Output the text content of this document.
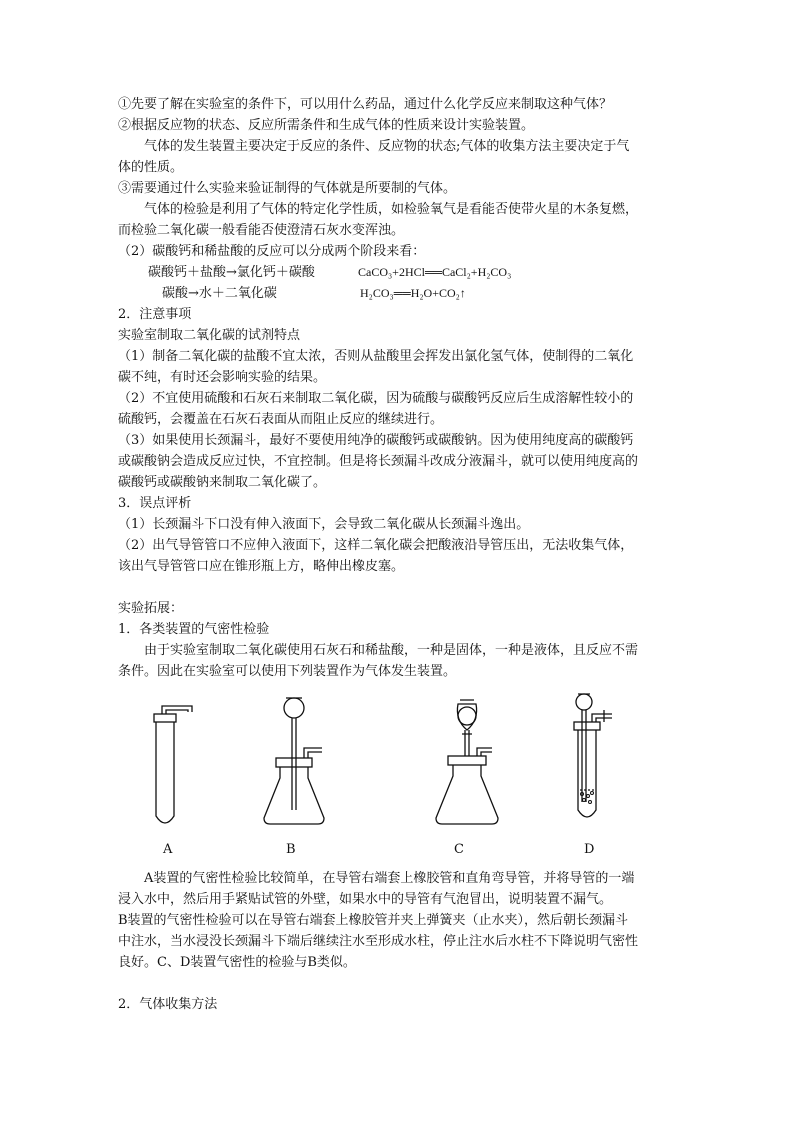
①先要了解在实验室的条件下，可以用什么药品，通过什么化学反应来制取这种气体？

②根据反应物的状态、反应所需条件和生成气体的性质来设计实验装置。

气体的发生装置主要决定于反应的条件、反应物的状态;气体的收集方法主要决定于气

体的性质。

③需要通过什么实验来验证制得的气体就是所要制的气体。

气体的检验是利用了气体的特定化学性质，如检验氧气是看能否使带火星的木条复燃，

而检验二氧化碳一般看能否使澄清石灰水变浑浊。

（2）碳酸钙和稀盐酸的反应可以分成两个阶段来看：

碳酸钙＋盐酸→氯化钙＋碳酸	CaCO₃+2HCl══CaCl₂+H₂CO₃
碳酸→水＋二氧化碳	H₂CO₃══H₂O+CO₂↑

2．注意事项

实验室制取二氧化碳的试剂特点

（1）制备二氧化碳的盐酸不宜太浓，否则从盐酸里会挥发出氯化氢气体，使制得的二氧化

碳不纯，有时还会影响实验的结果。

（2）不宜使用硫酸和石灰石来制取二氧化碳，因为硫酸与碳酸钙反应后生成溶解性较小的

硫酸钙，会覆盖在石灰石表面从而阻止反应的继续进行。

（3）如果使用长颈漏斗，最好不要使用纯净的碳酸钙或碳酸钠。因为使用纯度高的碳酸钙

或碳酸钠会造成反应过快，不宜控制。但是将长颈漏斗改成分液漏斗，就可以使用纯度高的

碳酸钙或碳酸钠来制取二氧化碳了。

3．误点评析

（1）长颈漏斗下口没有伸入液面下，会导致二氧化碳从长颈漏斗逸出。

（2）出气导管管口不应伸入液面下，这样二氧化碳会把酸液沿导管压出，无法收集气体，

该出气导管管口应在锥形瓶上方，略伸出橡皮塞。

实验拓展：

1．各类装置的气密性检验

由于实验室制取二氧化碳使用石灰石和稀盐酸，一种是固体，一种是液体，且反应不需

条件。因此在实验室可以使用下列装置作为气体发生装置。

A	B	C	D

A装置的气密性检验比较简单，在导管右端套上橡胶管和直角弯导管，并将导管的一端

浸入水中，然后用手紧贴试管的外壁，如果水中的导管有气泡冒出，说明装置不漏气。

B装置的气密性检验可以在导管右端套上橡胶管并夹上弹簧夹（止水夹），然后朝长颈漏斗

中注水，当水浸没长颈漏斗下端后继续注水至形成水柱，停止注水后水柱不下降说明气密性

良好。C、D装置气密性的检验与B类似。

2．气体收集方法
